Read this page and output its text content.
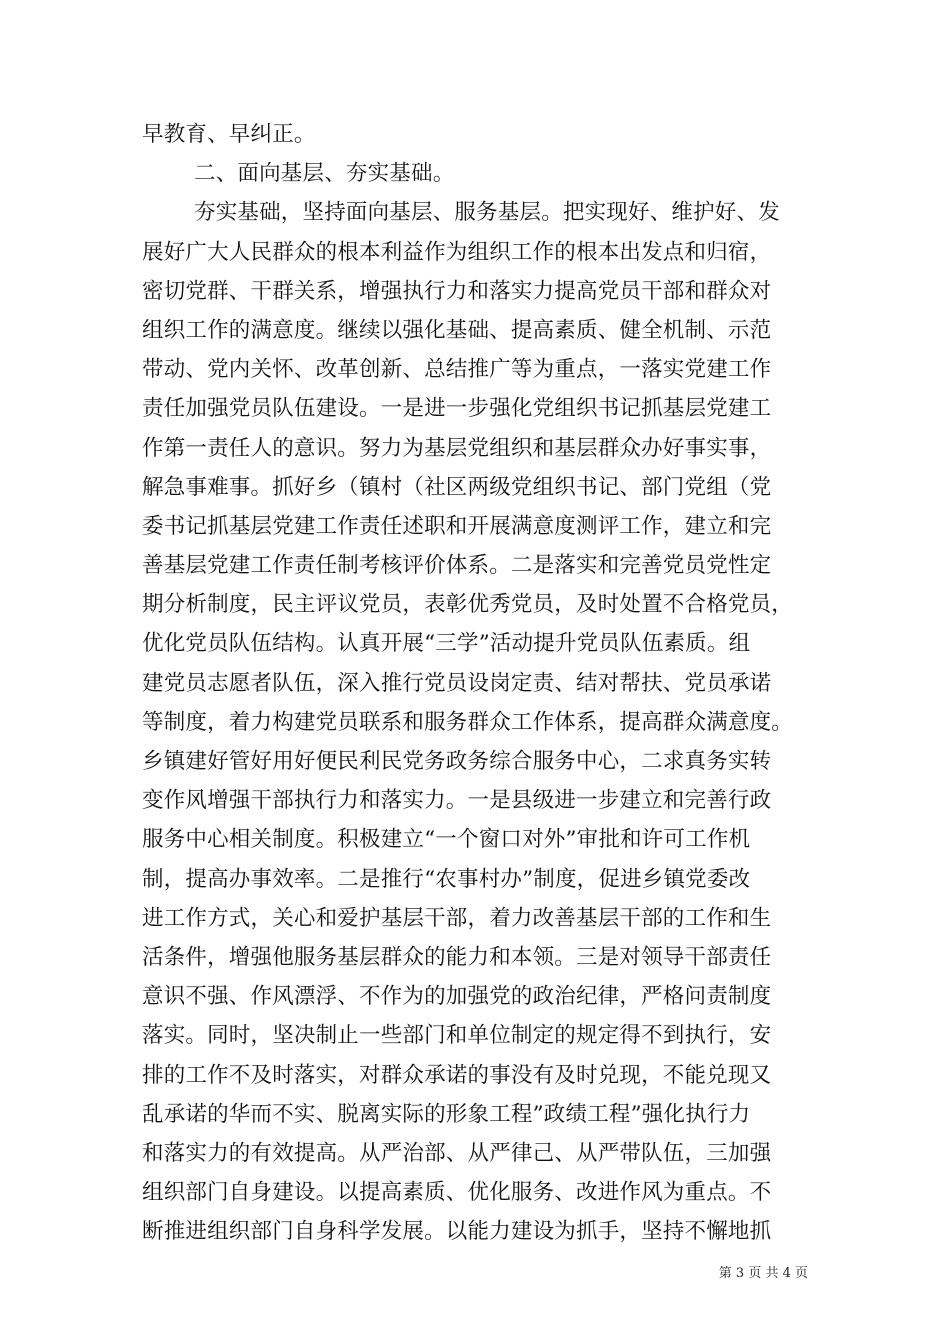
早教育、早纠正。
二、面向基层、夯实基础。
夯实基础，坚持面向基层、服务基层。把实现好、维护好、发
展好广大人民群众的根本利益作为组织工作的根本出发点和归宿，
密切党群、干群关系，增强执行力和落实力提高党员干部和群众对
组织工作的满意度。继续以强化基础、提高素质、健全机制、示范
带动、党内关怀、改革创新、总结推广等为重点，一落实党建工作
责任加强党员队伍建设。一是进一步强化党组织书记抓基层党建工
作第一责任人的意识。努力为基层党组织和基层群众办好事实事，
解急事难事。抓好乡（镇村（社区两级党组织书记、部门党组（党
委书记抓基层党建工作责任述职和开展满意度测评工作，建立和完
善基层党建工作责任制考核评价体系。二是落实和完善党员党性定
期分析制度，民主评议党员，表彰优秀党员，及时处置不合格党员，
优化党员队伍结构。认真开展“三学”活动提升党员队伍素质。组
建党员志愿者队伍，深入推行党员设岗定责、结对帮扶、党员承诺
等制度，着力构建党员联系和服务群众工作体系，提高群众满意度。
乡镇建好管好用好便民利民党务政务综合服务中心，二求真务实转
变作风增强干部执行力和落实力。一是县级进一步建立和完善行政
服务中心相关制度。积极建立“一个窗口对外”审批和许可工作机
制，提高办事效率。二是推行“农事村办”制度，促进乡镇党委改
进工作方式，关心和爱护基层干部，着力改善基层干部的工作和生
活条件，增强他服务基层群众的能力和本领。三是对领导干部责任
意识不强、作风漂浮、不作为的加强党的政治纪律，严格问责制度
落实。同时，坚决制止一些部门和单位制定的规定得不到执行，安
排的工作不及时落实，对群众承诺的事没有及时兑现，不能兑现又
乱承诺的华而不实、脱离实际的形象工程”政绩工程”强化执行力
和落实力的有效提高。从严治部、从严律己、从严带队伍，三加强
组织部门自身建设。以提高素质、优化服务、改进作风为重点。不
断推进组织部门自身科学发展。以能力建设为抓手，坚持不懈地抓
第 3 页 共 4 页
